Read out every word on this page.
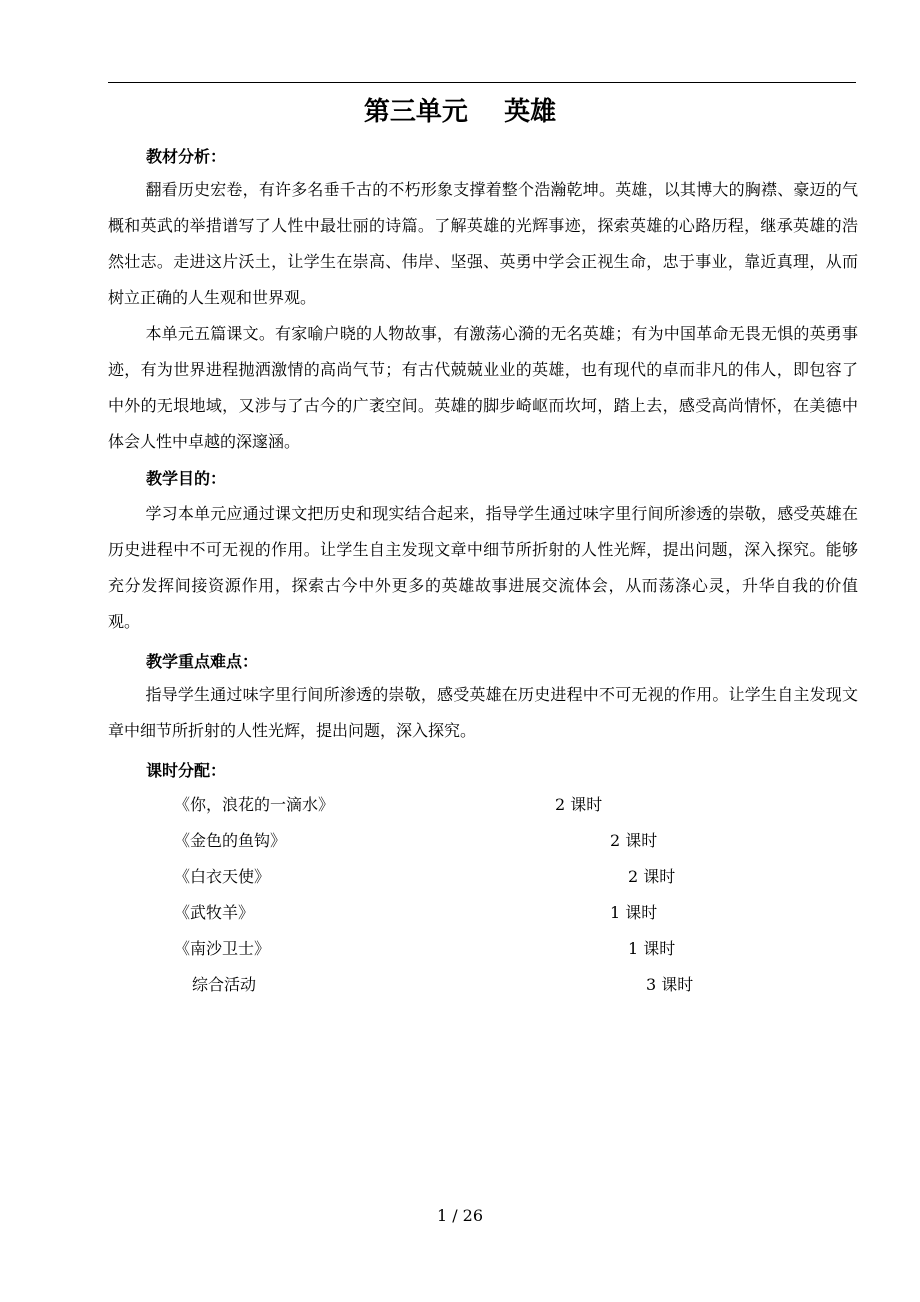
第三单元    英雄
教材分析：
翻看历史宏卷，有许多名垂千古的不朽形象支撑着整个浩瀚乾坤。英雄，以其博大的胸襟、豪迈的气概和英武的举措谱写了人性中最壮丽的诗篇。了解英雄的光辉事迹，探索英雄的心路历程，继承英雄的浩然壮志。走进这片沃土，让学生在崇高、伟岸、坚强、英勇中学会正视生命，忠于事业，靠近真理，从而树立正确的人生观和世界观。
本单元五篇课文。有家喻户晓的人物故事，有激荡心漪的无名英雄；有为中国革命无畏无惧的英勇事迹，有为世界进程抛洒激情的高尚气节；有古代兢兢业业的英雄，也有现代的卓而非凡的伟人，即包容了中外的无垠地域，又涉与了古今的广袤空间。英雄的脚步崎岖而坎坷，踏上去，感受高尚情怀，在美德中体会人性中卓越的深邃涵。
教学目的：
学习本单元应通过课文把历史和现实结合起来，指导学生通过味字里行间所渗透的崇敬，感受英雄在历史进程中不可无视的作用。让学生自主发现文章中细节所折射的人性光辉，提出问题，深入探究。能够充分发挥间接资源作用，探索古今中外更多的英雄故事进展交流体会，从而荡涤心灵，升华自我的价值观。
教学重点难点：
指导学生通过味字里行间所渗透的崇敬，感受英雄在历史进程中不可无视的作用。让学生自主发现文章中细节所折射的人性光辉，提出问题，深入探究。
课时分配：
《你，浪花的一滴水》	2 课时
《金色的鱼钩》	2 课时
《白衣天使》	2 课时
《武牧羊》	1 课时
《南沙卫士》	1 课时
综合活动	3 课时
1 / 26
